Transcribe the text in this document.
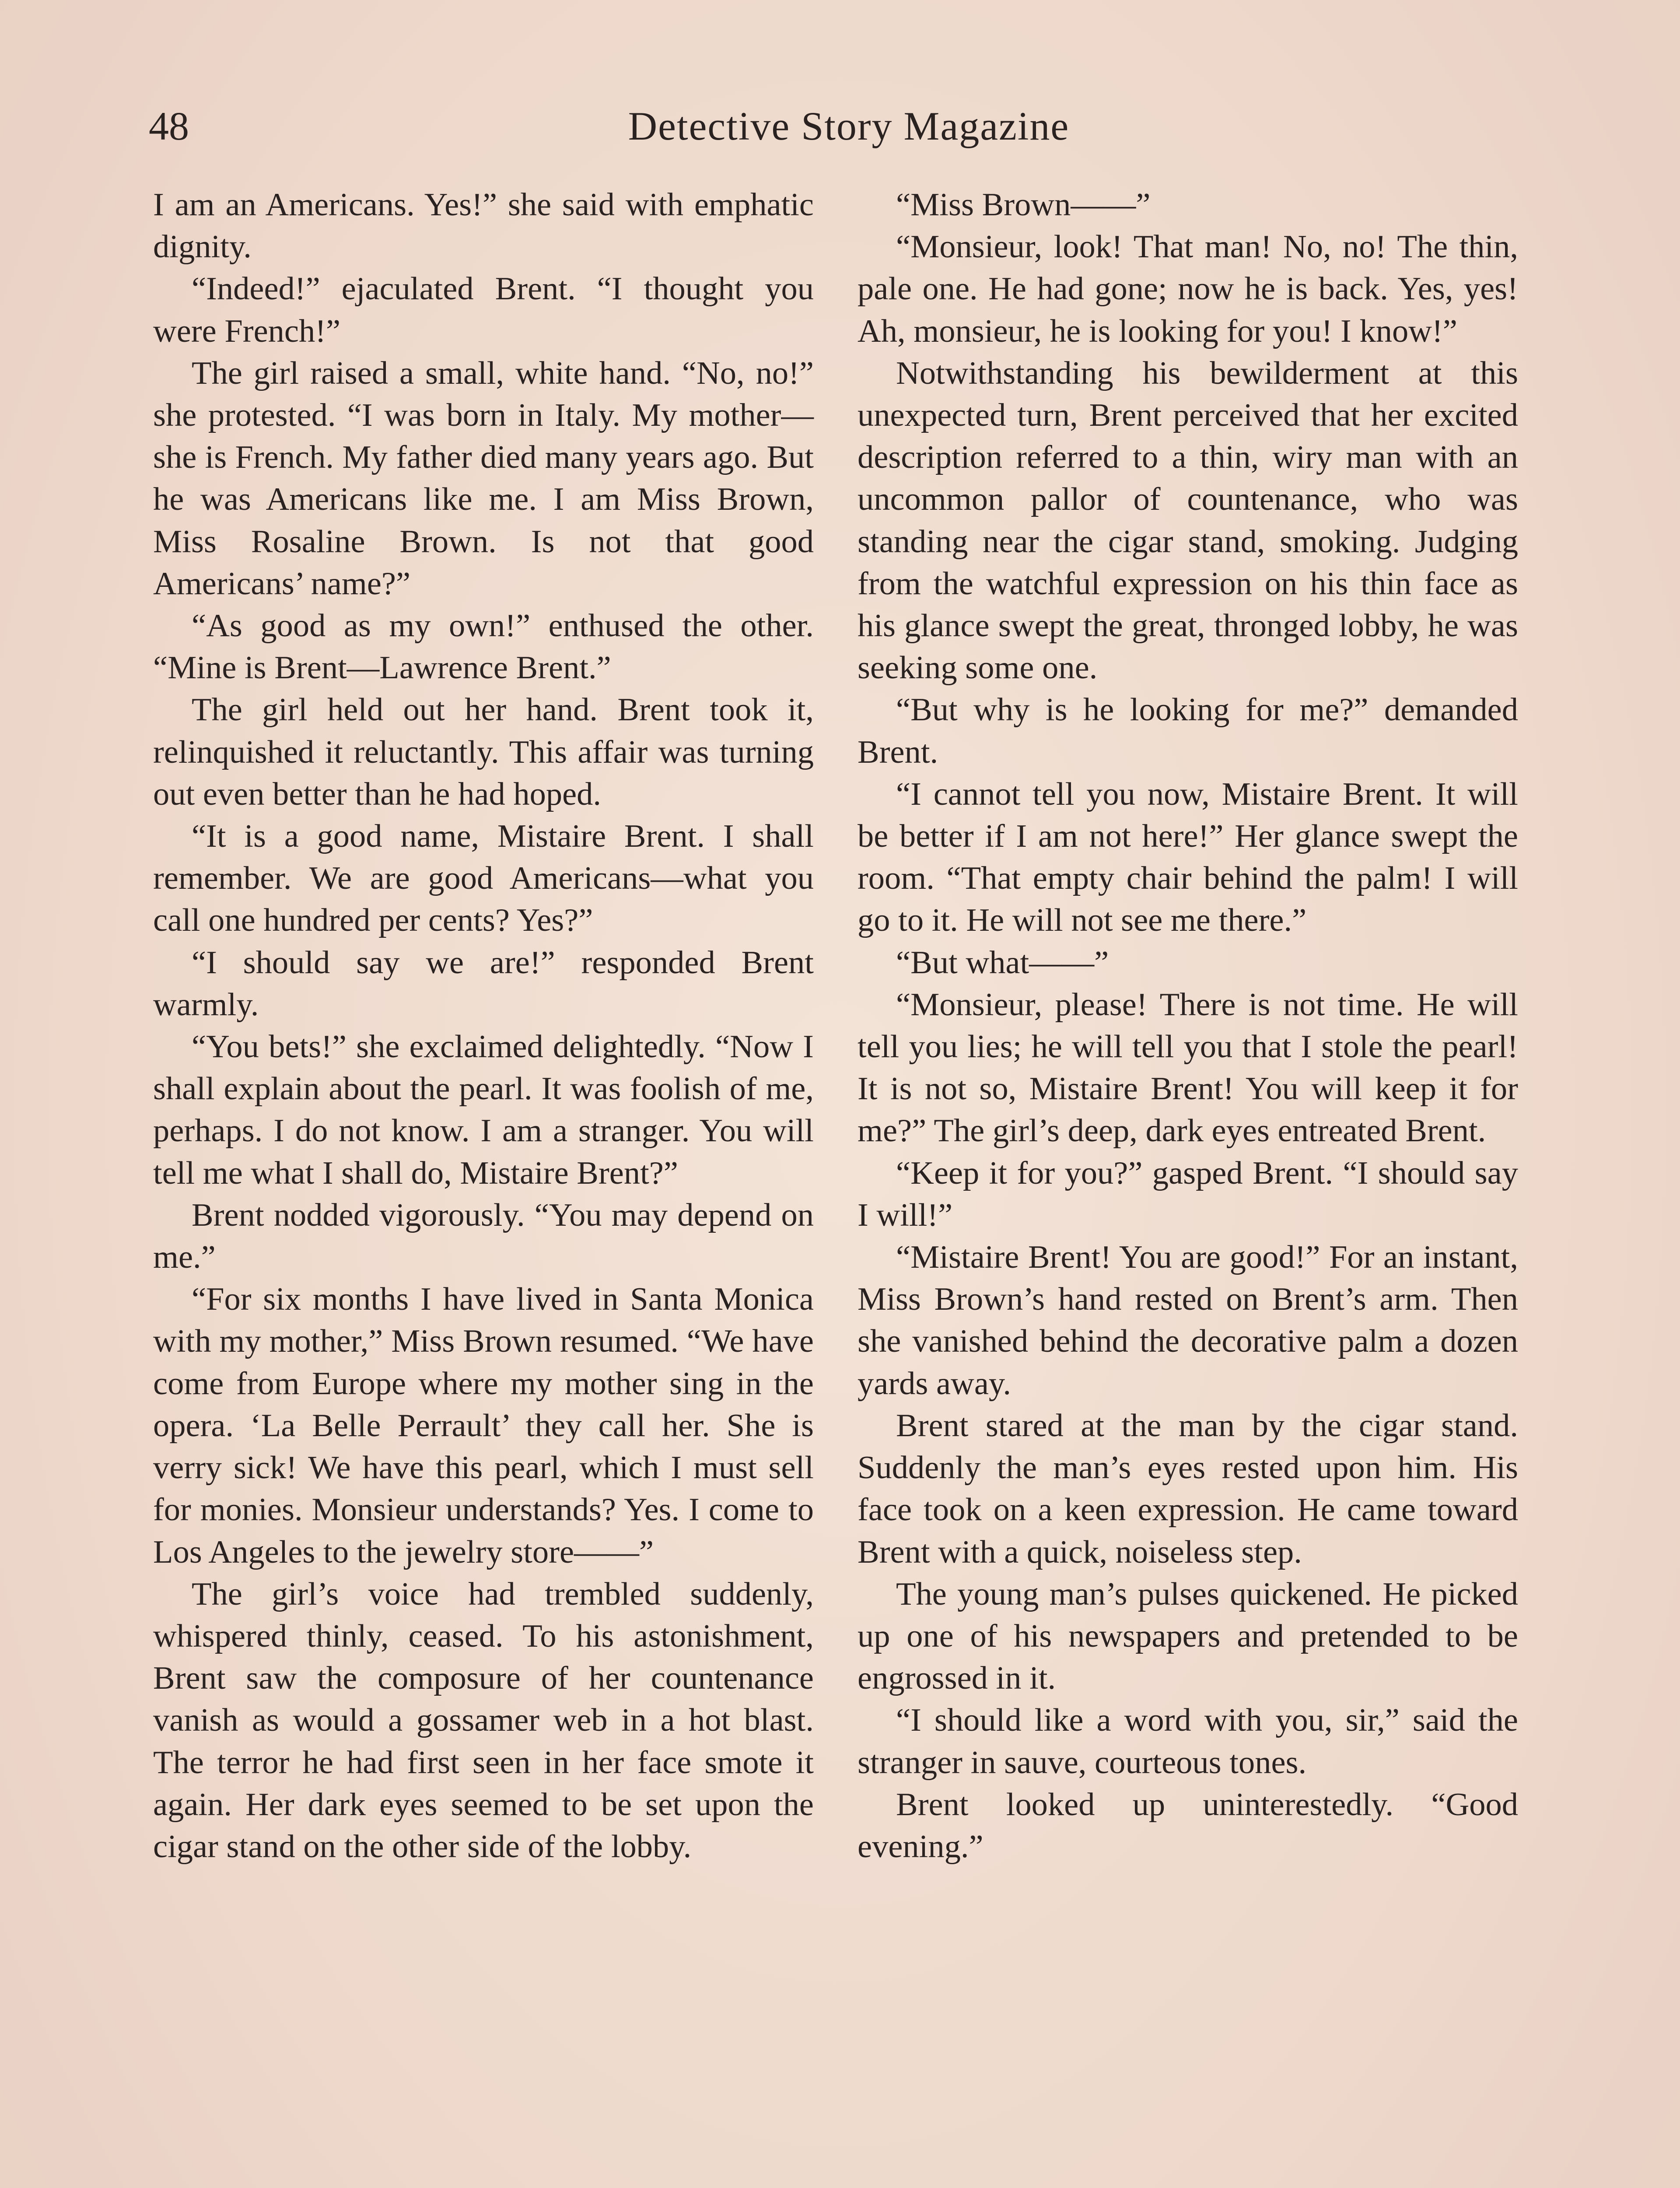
48	Detective Story Magazine

I am an Americans. Yes!” she said with emphatic dignity.

“Indeed!” ejaculated Brent. “I thought you were French!”

The girl raised a small, white hand. “No, no!” she protested. “I was born in Italy. My mother—she is French. My father died many years ago. But he was Americans like me. I am Miss Brown, Miss Rosaline Brown. Is not that good Americans’ name?”

“As good as my own!” enthused the other. “Mine is Brent—Lawrence Brent.”

The girl held out her hand. Brent took it, relinquished it reluctantly. This affair was turning out even better than he had hoped.

“It is a good name, Mistaire Brent. I shall remember. We are good Americans—what you call one hundred per cents? Yes?”

“I should say we are!” responded Brent warmly.

“You bets!” she exclaimed delightedly. “Now I shall explain about the pearl. It was foolish of me, perhaps. I do not know. I am a stranger. You will tell me what I shall do, Mistaire Brent?”

Brent nodded vigorously. “You may depend on me.”

“For six months I have lived in Santa Monica with my mother,” Miss Brown resumed. “We have come from Europe where my mother sing in the opera. ‘La Belle Perrault’ they call her. She is verry sick! We have this pearl, which I must sell for monies. Monsieur understands? Yes. I come to Los Angeles to the jewelry store——”

The girl’s voice had trembled suddenly, whispered thinly, ceased. To his astonishment, Brent saw the composure of her countenance vanish as would a gossamer web in a hot blast. The terror he had first seen in her face smote it again. Her dark eyes seemed to be set upon the cigar stand on the other side of the lobby.

“Miss Brown——”

“Monsieur, look! That man! No, no! The thin, pale one. He had gone; now he is back. Yes, yes! Ah, monsieur, he is looking for you! I know!”

Notwithstanding his bewilderment at this unexpected turn, Brent perceived that her excited description referred to a thin, wiry man with an uncommon pallor of countenance, who was standing near the cigar stand, smoking. Judging from the watchful expression on his thin face as his glance swept the great, thronged lobby, he was seeking some one.

“But why is he looking for me?” demanded Brent.

“I cannot tell you now, Mistaire Brent. It will be better if I am not here!” Her glance swept the room. “That empty chair behind the palm! I will go to it. He will not see me there.”

“But what——”

“Monsieur, please! There is not time. He will tell you lies; he will tell you that I stole the pearl! It is not so, Mistaire Brent! You will keep it for me?” The girl’s deep, dark eyes entreated Brent.

“Keep it for you?” gasped Brent. “I should say I will!”

“Mistaire Brent! You are good!” For an instant, Miss Brown’s hand rested on Brent’s arm. Then she vanished behind the decorative palm a dozen yards away.

Brent stared at the man by the cigar stand. Suddenly the man’s eyes rested upon him. His face took on a keen expression. He came toward Brent with a quick, noiseless step.

The young man’s pulses quickened. He picked up one of his newspapers and pretended to be engrossed in it.

“I should like a word with you, sir,” said the stranger in sauve, courteous tones.

Brent looked up uninterestedly. “Good evening.”
